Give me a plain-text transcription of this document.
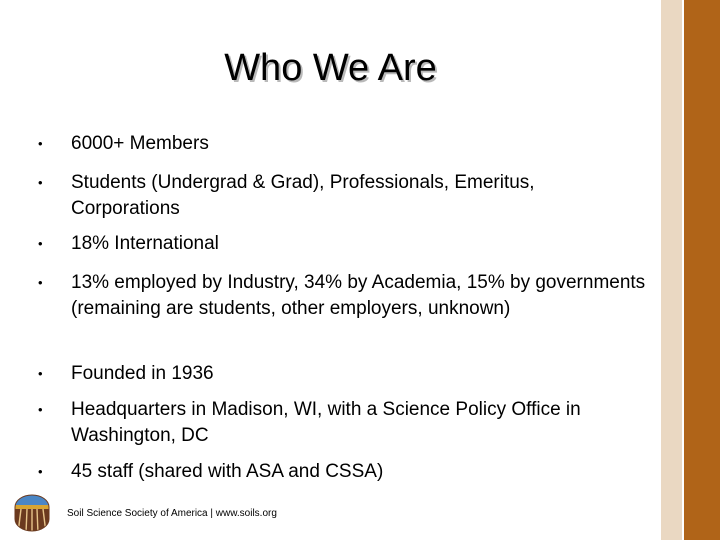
Who We Are
•	6000+ Members
•	Students (Undergrad & Grad), Professionals, Emeritus, Corporations
•	18% International
•	13% employed by Industry, 34% by Academia, 15% by governments (remaining are students, other employers, unknown)
•	Founded in 1936
•	Headquarters in Madison, WI, with a Science Policy Office in Washington, DC
•	45 staff (shared with ASA and CSSA)
Soil Science Society of America | www.soils.org
